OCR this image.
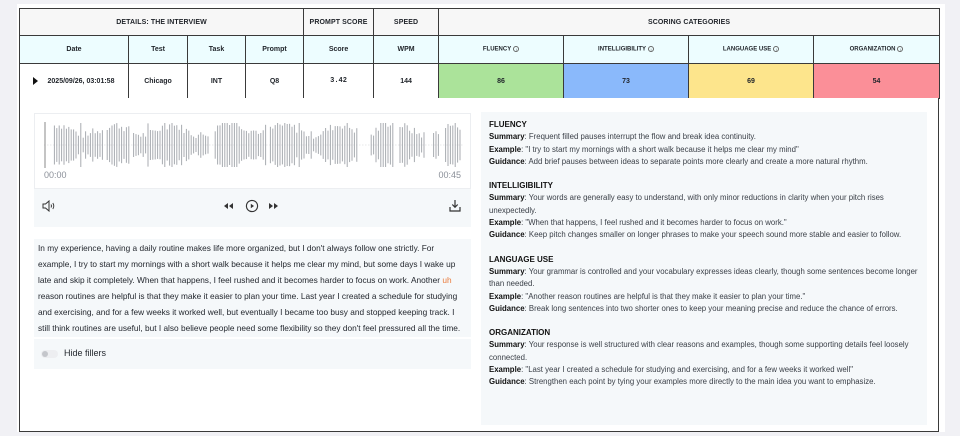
DETAILS: THE INTERVIEW				PROMPT SCORE	SPEED	SCORING CATEGORIES			
Date	Test	Task	Prompt	Score	WPM	FLUENCY i	INTELLIGIBILITY i	LANGUAGE USE i	ORGANIZATION i

2025/09/26, 03:01:58	Chicago	INT	Q8	3.42	144	86	73	69	54
00:00	00:45
In my experience, having a daily routine makes life more organized, but I don't always follow one strictly. For example, I try to start my mornings with a short walk because it helps me clear my mind, but some days I wake up late and skip it completely. When that happens, I feel rushed and it becomes harder to focus on work. Another uh reason routines are helpful is that they make it easier to plan your time. Last year I created a schedule for studying and exercising, and for a few weeks it worked well, but eventually I became too busy and stopped keeping track. I still think routines are useful, but I also believe people need some flexibility so they don't feel pressured all the time.
Hide fillers
FLUENCY
Summary: Frequent filled pauses interrupt the flow and break idea continuity.
Example: "I try to start my mornings with a short walk because it helps me clear my mind"
Guidance: Add brief pauses between ideas to separate points more clearly and create a more natural rhythm.
INTELLIGIBILITY
Summary: Your words are generally easy to understand, with only minor reductions in clarity when your pitch rises unexpectedly.
Example: "When that happens, I feel rushed and it becomes harder to focus on work."
Guidance: Keep pitch changes smaller on longer phrases to make your speech sound more stable and easier to follow.
LANGUAGE USE
Summary: Your grammar is controlled and your vocabulary expresses ideas clearly, though some sentences become longer than needed.
Example: "Another reason routines are helpful is that they make it easier to plan your time."
Guidance: Break long sentences into two shorter ones to keep your meaning precise and reduce the chance of errors.
ORGANIZATION
Summary: Your response is well structured with clear reasons and examples, though some supporting details feel loosely connected.
Example: "Last year I created a schedule for studying and exercising, and for a few weeks it worked well"
Guidance: Strengthen each point by tying your examples more directly to the main idea you want to emphasize.
